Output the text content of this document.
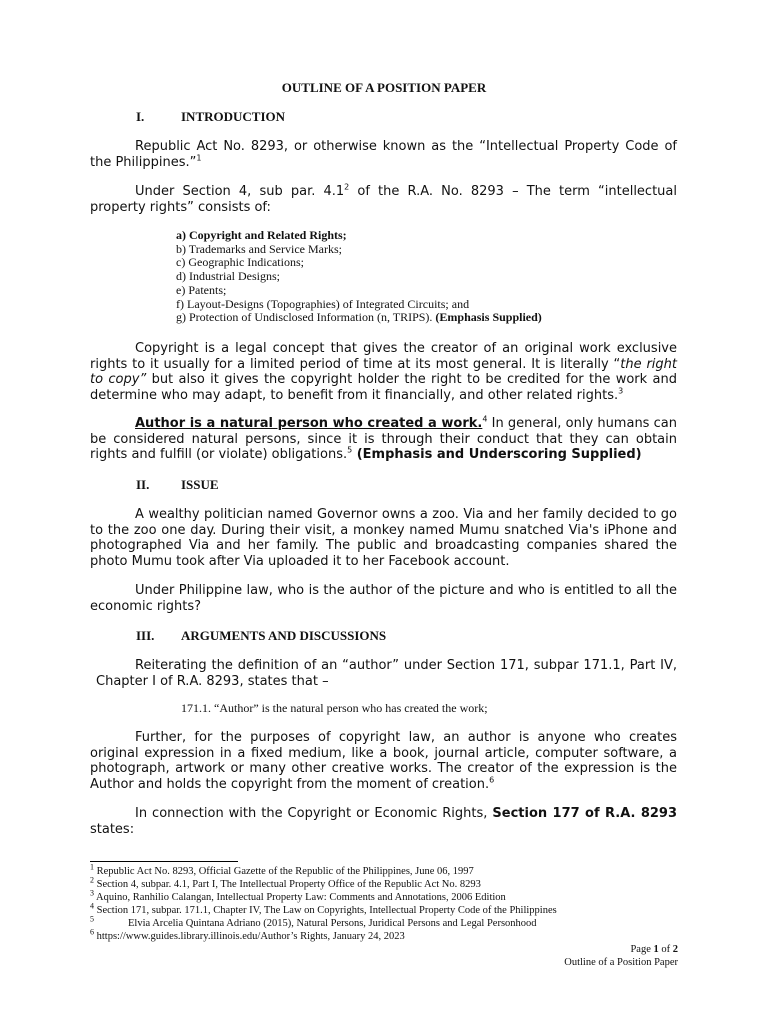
OUTLINE OF A POSITION PAPER
I.	INTRODUCTION
Republic Act No. 8293, or otherwise known as the “Intellectual Property Code of the Philippines.”$^1$
Under Section 4, sub par. $4.1^2$ of the R.A. No. 8293 – The term “intellectual property rights” consists of:
a) Copyright and Related Rights;
b) Trademarks and Service Marks;
c) Geographic Indications;
d) Industrial Designs;
e) Patents;
f) Layout-Designs (Topographies) of Integrated Circuits; and
g) Protection of Undisclosed Information (n, TRIPS). (Emphasis Supplied)
Copyright is a legal concept that gives the creator of an original work exclusive rights to it usually for a limited period of time at its most general. It is literally “the right to copy” but also it gives the copyright holder the right to be credited for the work and determine who may adapt, to benefit from it financially, and other related rights.$^3$
Author is a natural person who created a work.$^4$ In general, only humans can be considered natural persons, since it is through their conduct that they can obtain rights and fulfill (or violate) obligations.$^5$ (Emphasis and Underscoring Supplied)
II. ISSUE
A wealthy politician named Governor owns a zoo. Via and her family decided to go to the zoo one day. During their visit, a monkey named Mumu snatched Via's iPhone and photographed Via and her family. The public and broadcasting companies shared the photo Mumu took after Via uploaded it to her Facebook account.
Under Philippine law, who is the author of the picture and who is entitled to all the economic rights?
III. ARGUMENTS AND DISCUSSIONS
Reiterating the definition of an “author” under Section 171, subpar 171.1, Part IV, Chapter I of R.A. 8293, states that –
171.1. “Author” is the natural person who has created the work;
Further, for the purposes of copyright law, an author is anyone who creates original expression in a fixed medium, like a book, journal article, computer software, a photograph, artwork or many other creative works. The creator of the expression is the Author and holds the copyright from the moment of creation.$^6$
In connection with the Copyright or Economic Rights, Section 177 of R.A. 8293 states:
$^1$ Republic Act No. 8293, Official Gazette of the Republic of the Philippines, June 06, 1997
$^2$ Section 4, subpar. 4.1, Part I, The Intellectual Property Office of the Republic Act No. 8293
$^3$ Aquino, Ranhilio Calangan, Intellectual Property Law: Comments and Annotations, 2006 Edition
$^4$ Section 171, subpar. 171.1, Chapter IV, The Law on Copyrights, Intellectual Property Code of the Philippines
$^5$	Elvia Arcelia Quintana Adriano (2015), Natural Persons, Juridical Persons and Legal Personhood
$^6$ https://www.guides.library.illinois.edu/Author’s Rights, January 24, 2023
Page 1 of 2
Outline of a Position Paper
